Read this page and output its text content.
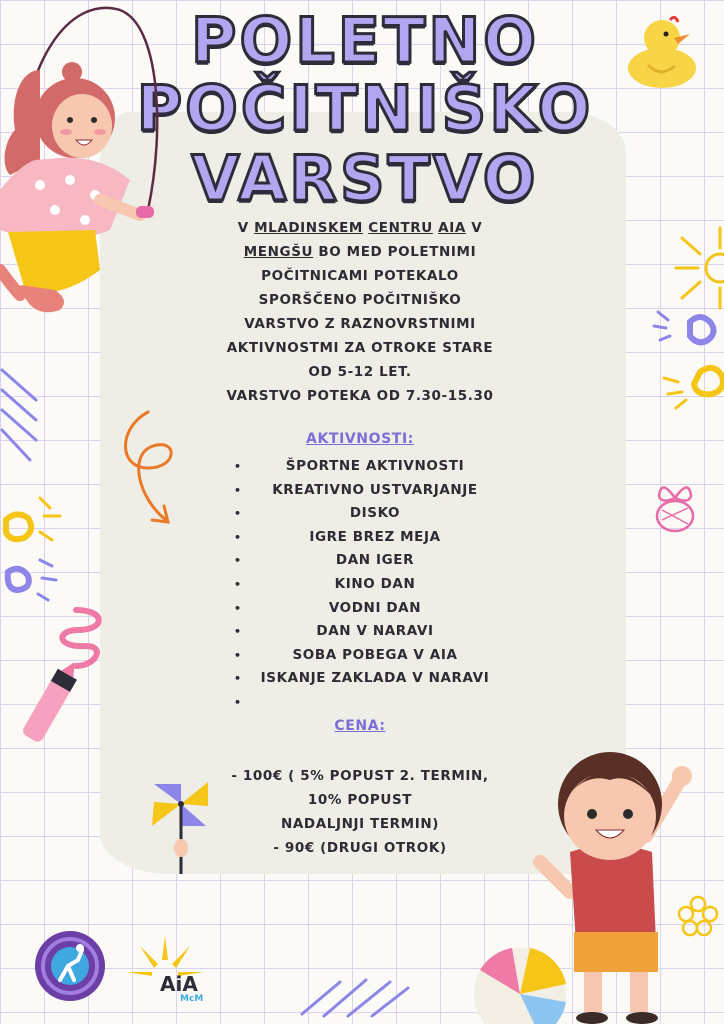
POLETNO
POČITNIŠKO
VARSTVO
V MLADINSKEM CENTRU AIA V
MENGŠU BO MED POLETNIMI
POČITNICAMI POTEKALO
SPORŠČENO POČITNIŠKO
VARSTVO Z RAZNOVRSTNIMI
AKTIVNOSTMI ZA OTROKE STARE
OD 5-12 LET.
VARSTVO POTEKA OD 7.30-15.30
AKTIVNOSTI:
•	ŠPORTNE AKTIVNOSTI
• KREATIVNO USTVARJANJE
•	DISKO
•	IGRE BREZ MEJA
•	DAN IGER
•	KINO DAN
•	VODNI DAN
•	DAN V NARAVI
•	SOBA POBEGA V AIA
• ISKANJE ZAKLADA V NARAVI
•
CENA:
- 100€ ( 5% POPUST 2. TERMIN,
10% POPUST
NADALJNJI TERMIN)
- 90€ (DRUGI OTROK)
AiA
McM
